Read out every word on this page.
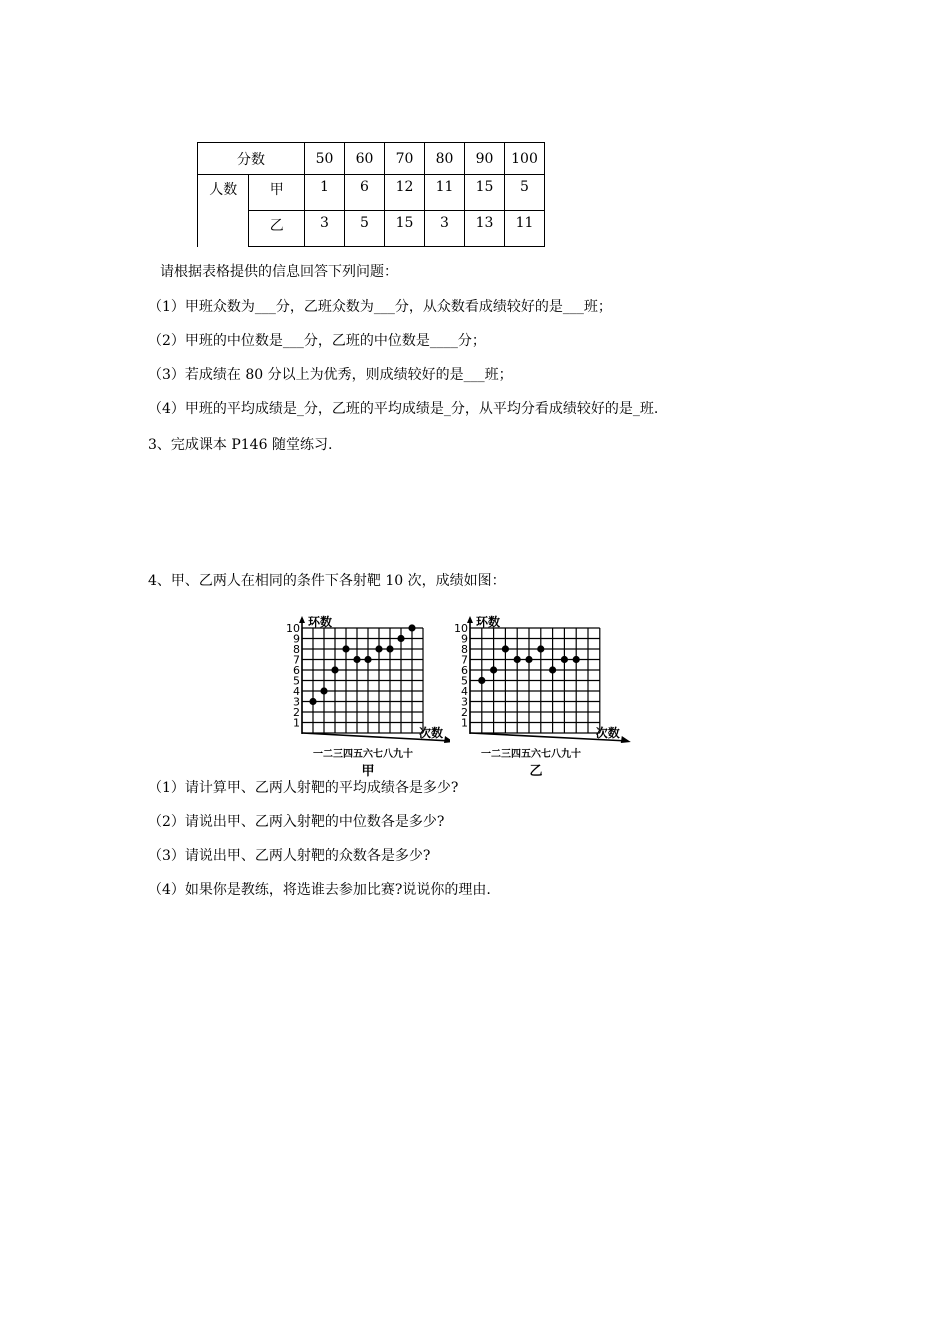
分数		50	60	70	80	90	100
人数	甲	1	6	12	11	15	5
	乙	3	5	15	3	13	11
请根据表格提供的信息回答下列问题：
（1）甲班众数为___分，乙班众数为___分，从众数看成绩较好的是___班；
（2）甲班的中位数是___分，乙班的中位数是____分；
（3）若成绩在 80 分以上为优秀，则成绩较好的是___班；
（4）甲班的平均成绩是_分，乙班的平均成绩是_分，从平均分看成绩较好的是_班.
3、完成课本 P146 随堂练习.
4、甲、乙两人在相同的条件下各射靶 10 次，成绩如图：
环数
次数
1
2
3
4
5
6
7
8
9
10
一 二 三 四 五 六 七 八 九 十
甲
环数
次数
1
2
3
4
5
6
7
8
9
10
一 二 三 四 五 六 七 八 九 十
乙
（1）请计算甲、乙两人射靶的平均成绩各是多少?
（2）请说出甲、乙两入射靶的中位数各是多少?
（3）请说出甲、乙两人射靶的众数各是多少?
（4）如果你是教练，将选谁去参加比赛?说说你的理由.
